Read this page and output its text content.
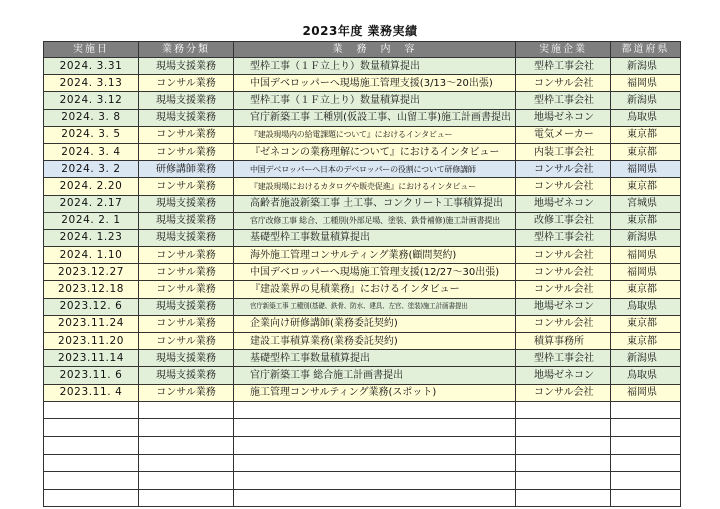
2023年度 業務実績
実施日	業務分類	業　務　内　容	実施企業	都道府県
2024. 3.31	現場支援業務	型枠工事（１Ｆ立上り）数量積算提出	型枠工事会社	新潟県
2024. 3.13	コンサル業務	中国デベロッパーへ現場施工管理支援(3/13～20出張)	コンサル会社	福岡県
2024. 3.12	現場支援業務	型枠工事（１Ｆ立上り）数量積算提出	型枠工事会社	新潟県
2024. 3. 8	現場支援業務	官庁新築工事 工種別(仮設工事、山留工事)施工計画書提出	地場ゼネコン	鳥取県
2024. 3. 5	コンサル業務	『建設現場内の給電課題について』におけるインタビュー	電気メーカー	東京都
2024. 3. 4	コンサル業務	『ゼネコンの業務理解について』におけるインタビュー	内装工事会社	東京都
2024. 3. 2	研修講師業務	中国デベロッパーへ日本のデベロッパーの役割について研修講師	コンサル会社	福岡県
2024. 2.20	コンサル業務	『建設現場におけるカタログや販売促進』におけるインタビュー	コンサル会社	東京都
2024. 2.17	現場支援業務	高齢者施設新築工事 土工事、コンクリート工事積算提出	地場ゼネコン	宮城県
2024. 2. 1	現場支援業務	官庁改修工事 総合、工種別(外部足場、塗装、鉄骨補修)施工計画書提出	改修工事会社	東京都
2024. 1.23	現場支援業務	基礎型枠工事数量積算提出	型枠工事会社	新潟県
2024. 1.10	コンサル業務	海外施工管理コンサルティング業務(顧問契約)	コンサル会社	福岡県
2023.12.27	コンサル業務	中国デベロッパーへ現場施工管理支援(12/27～30出張)	コンサル会社	福岡県
2023.12.18	コンサル業務	『建設業界の見積業務』におけるインタビュー	コンサル会社	東京都
2023.12. 6	現場支援業務	官庁新築工事 工種別(基礎、鉄骨、防水、建具、左官、塗装)施工計画書提出	地場ゼネコン	鳥取県
2023.11.24	コンサル業務	企業向け研修講師(業務委託契約)	コンサル会社	東京都
2023.11.20	コンサル業務	建設工事積算業務(業務委託契約)	積算事務所	東京都
2023.11.14	現場支援業務	基礎型枠工事数量積算提出	型枠工事会社	新潟県
2023.11. 6	現場支援業務	官庁新築工事 総合施工計画書提出	地場ゼネコン	鳥取県
2023.11. 4	コンサル業務	施工管理コンサルティング業務(スポット)	コンサル会社	福岡県
